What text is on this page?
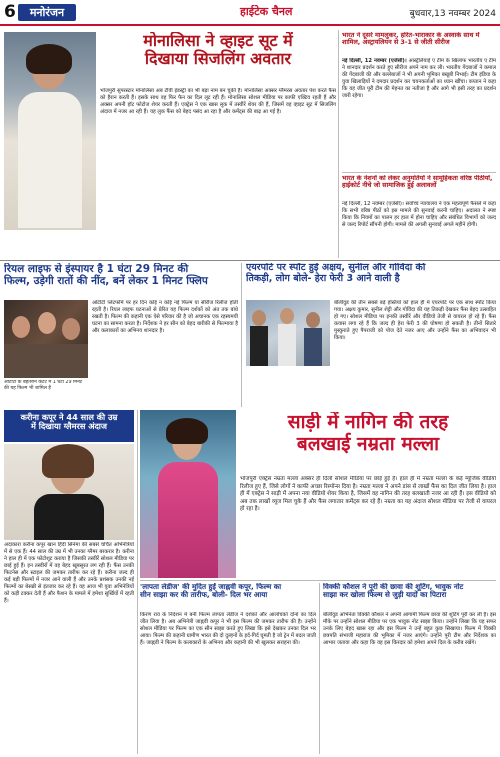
6	मनोरंजन	हाईटेक चैनल	बुधवार,13 नवम्बर 2024

मोनालिसा ने व्हाइट सूट में

दिखाया सिजलिंग अवतार

भोजपुरी सुपरस्टार मोनालिसा अब टीवी इंडस्ट्री का भी बड़ा नाम बन चुकी हैं। मोनालिसा अक्सर ग्लैमरस अवतार पेश करते फैंस को हैरान करती हैं। इसके साथ वह फिर फैन का दिल लूट रही हैं। मोनालिसा सोशल मीडिया पर काफी एक्टिव रहती हैं और अक्सर अपनी हॉट फोटोज शेयर करती हैं। एक्ट्रेस ने एक खास लुक में तस्वीरें शेयर की हैं, जिसमें वह व्हाइट सूट में सिजलिंग अंदाज में नजर आ रही हैं। यह लुक फैंस को बेहद पसंद आ रहा है और कमेंट्स की बाढ़ आ गई है।

भारत ने दूसरे मामलुकर, हरित-भाराकार के अस्वाके साथ में शामिल, अस्ट्रायलियन से 3-1 से जीती सीरीज

नई दिल्ली, 12 नवम्बर (एजेंसी)। आस्ट्रेलियाई ए टीम के खिलाफ भारतीय ए टीम ने शानदार प्रदर्शन करते हुए सीरीज अपने नाम कर ली। भारतीय गेंदबाजों ने कमाल की गेंदबाजी की और बल्लेबाजों ने भी अपनी भूमिका बखूबी निभाई। टीम इंडिया के युवा खिलाड़ियों ने दमदार प्रदर्शन कर चयनकर्ताओं का ध्यान खींचा। कप्तान ने कहा कि यह जीत पूरी टीम की मेहनत का नतीजा है और आगे भी इसी तरह का प्रदर्शन जारी रहेगा।

भारत के नेशनों को लेकर अनुमतियों ने सामूहिकता वरिष्ठ पीठीयों, हाईकोर्ट नीचे जो सामाजिक हुई अलावलों

नई दिल्ली, 12 नवम्बर (एजेंसी)। सर्वोच्च न्यायालय ने एक महत्वपूर्ण फैसले में कहा कि सभी वरिष्ठ पीठों को इस मामले की सुनवाई करनी चाहिए। अदालत ने स्पष्ट किया कि नियमों का पालन हर हाल में होना चाहिए और संबंधित विभागों को जल्द से जल्द रिपोर्ट सौंपनी होगी। मामले की अगली सुनवाई अगले महीने होगी।

रियल लाइफ से इंस्पायर है 1 घंटा 29 मिनट की

फिल्म, उड़ेगी रातों की नींद, बनें लेकर 1 मिनट फ्लिप

ओटीटी के बेहतरीन कंटेंट में 1 घंटा 29 मिनट की यह फिल्म भी शामिल है

ओटीटी प्लेटफॉर्म पर हर दिन कोई न कोई नई फिल्म या सीरीज रिलीज होती रहती है। रियल लाइफ घटनाओं से प्रेरित यह फिल्म दर्शकों को अंत तक बांधे रखती है। फिल्म की कहानी एक ऐसे परिवार की है जो अचानक एक रहस्यमयी घटना का सामना करता है। निर्देशक ने हर सीन को बेहद बारीकी से फिल्माया है और कलाकारों का अभिनय शानदार है।

एयरपोर्ट पर स्पॉट हुईं अक्षय, सुनील और गोविंदा की

तिकड़ी, लोग बोले- हेरा फेरी 3 आने वाली है

बॉलीवुड की तीन सबसे बड़े हस्तियों को हाल ही में एयरपोर्ट पर एक साथ स्पॉट किया गया। अक्षय कुमार, सुनील शेट्टी और गोविंदा की यह तिकड़ी देखकर फैंस बेहद उत्साहित हो गए। सोशल मीडिया पर इनकी तस्वीरें और वीडियो तेजी से वायरल हो रहे हैं। फैंस कयास लगा रहे हैं कि जल्द ही हेरा फेरी 3 की घोषणा हो सकती है। तीनों सितारे मुस्कुराते हुए पैपराजी को पोज देते नजर आए और उन्होंने फैंस का अभिवादन भी किया।

करीना कपूर ने 44 साल की उम्र

में दिखाया ग्लैमरस अंदाज

अदाकारा करीना कपूर खान हिंदी सिनेमा की सबसे चर्चित अभिनेत्रियों में से एक हैं। 44 साल की उम्र में भी उनका ग्लैमर बरकरार है। करीना ने हाल ही में एक फोटोशूट कराया है जिसकी तस्वीरें सोशल मीडिया पर छाई हुई हैं। इन तस्वीरों में वह बेहद खूबसूरत लग रही हैं। फैंस उनकी फिटनेस और स्टाइल की जमकर तारीफ कर रहे हैं। करीना जल्द ही कई बड़ी फिल्मों में नजर आने वाली हैं और उनके प्रशंसक उनकी नई फिल्मों का बेसब्री से इंतजार कर रहे हैं। वह आज भी युवा अभिनेत्रियों को कड़ी टक्कर देती हैं और फैशन के मामले में हमेशा सुर्खियों में रहती हैं।

साड़ी में नागिन की तरह

बलखाई नम्रता मल्ला

भोजपुरी एक्ट्रेस नम्रता मल्ला अक्सर ही दिलों सोशल मीडिया पर छाई हुई हैं। हाल ही में नम्रता मल्ला के कई म्यूजिक वीडियो रिलीज हुए हैं, जिसे लोगों ने काफी अच्छा रिस्पॉन्स दिया है। नम्रता मल्ला ने अपने डांस से लाखों फैंस का दिल जीत लिया है। हाल ही में एक्ट्रेस ने साड़ी में अपना नया वीडियो शेयर किया है, जिसमें वह नागिन की तरह बलखाती नजर आ रही हैं। इस वीडियो को अब तक लाखों व्यूज मिल चुके हैं और फैंस लगातार कमेंट्स कर रहे हैं। नम्रता का यह अंदाज सोशल मीडिया पर तेजी से वायरल हो रहा है।

'लापता लेडीज' की मुदित हुईं जाह्नवी कपूर, फिल्म का

सीन साझा कर की तारीफ, बोली- दिल भर आया

किरण राव के निर्देशन में बनी फिल्म लापता लेडीज ने दर्शकों और आलोचकों दोनों का दिल जीत लिया है। अब अभिनेत्री जाह्नवी कपूर ने भी इस फिल्म की जमकर तारीफ की है। उन्होंने सोशल मीडिया पर फिल्म का एक सीन साझा करते हुए लिखा कि इसे देखकर उनका दिल भर आया। फिल्म की कहानी ग्रामीण भारत की दो दुल्हनों के इर्द-गिर्द घूमती है जो ट्रेन में बदल जाती हैं। जाह्नवी ने फिल्म के कलाकारों के अभिनय और कहानी की भी खुलकर सराहना की।

विक्की कौशल ने पूरी की छावा की शूटिंग, भावुक नोट

साझा कर खोला फिल्म से जुड़ी यादों का पिटारा

बॉलीवुड अभिनेता विक्की कौशल ने अपनी आगामी फिल्म छावा की शूटिंग पूरी कर ली है। इस मौके पर उन्होंने सोशल मीडिया पर एक भावुक नोट साझा किया। उन्होंने लिखा कि यह सफर उनके लिए बेहद खास रहा और इस फिल्म ने उन्हें बहुत कुछ सिखाया। फिल्म में विक्की छत्रपति संभाजी महाराज की भूमिका में नजर आएंगे। उन्होंने पूरी टीम और निर्देशक का आभार जताया और कहा कि वह इस किरदार को हमेशा अपने दिल के करीब रखेंगे।
